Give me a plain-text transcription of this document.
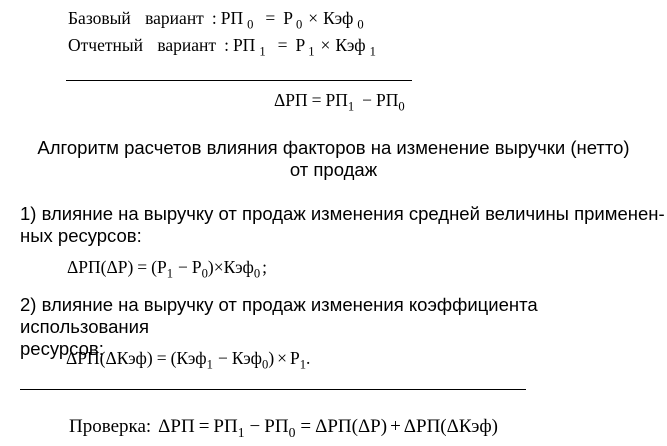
Базовый вариант : РП $_0$ = Р $_0$ × Кэф $_0$
Отчетный вариант : РП $_1$ = Р $_1$ × Кэф $_1$
$\Delta РП = РП_1 - РП_0$
Алгоритм расчетов влияния факторов на изменение выручки (нетто)
от продаж
1) влияние на выручку от продаж изменения средней величины применен-
ных ресурсов:
$\Delta РП(\Delta Р) = (Р_1 - Р_0)\times Кэф_0$ ;
2) влияние на выручку от продаж изменения коэффициента использования
ресурсов:
$\Delta РП(\Delta Кэф) = (Кэф_1 - Кэф_0) \times Р_1$.
Проверка: $\Delta РП = РП_1 - РП_0 = \Delta РП(\Delta Р) + \Delta РП(\Delta Кэф)$
